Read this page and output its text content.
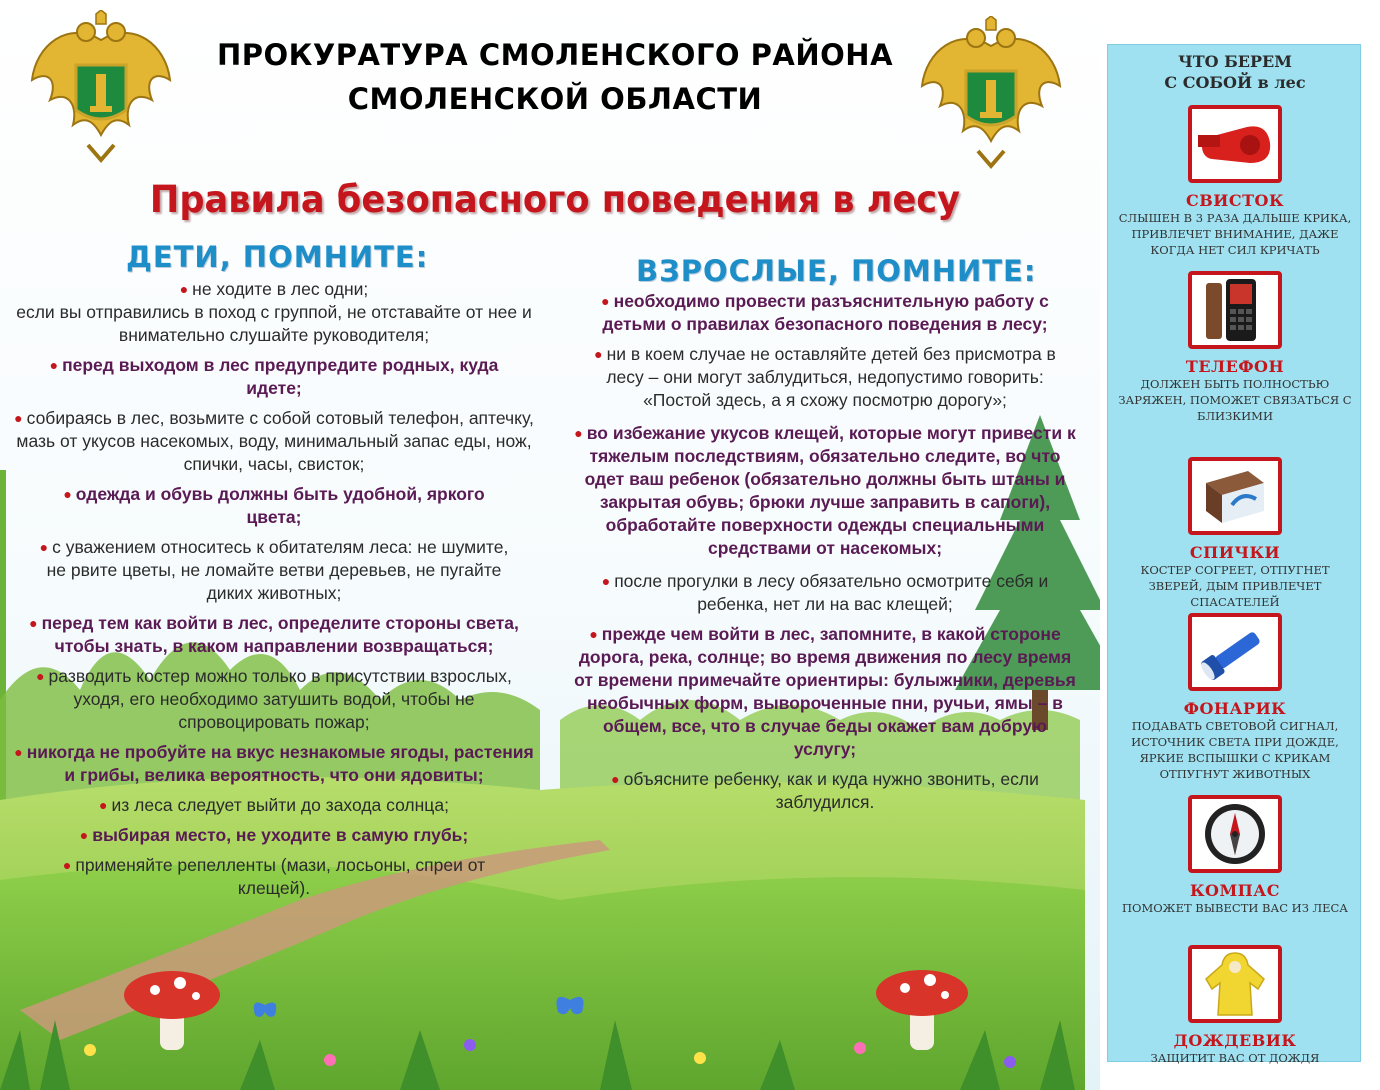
ПРОКУРАТУРА СМОЛЕНСКОГО РАЙОНА
СМОЛЕНСКОЙ ОБЛАСТИ
Правила безопасного поведения в лесу
ДЕТИ, ПОМНИТЕ:	ВЗРОСЛЫЕ, ПОМНИТЕ:
● не ходите в лес одни;
если вы отправились в поход с группой, не отставайте от нее и внимательно слушайте руководителя;
● перед выходом в лес предупредите родных, куда идете;
● собираясь в лес, возьмите с собой сотовый телефон, аптечку, мазь от укусов насекомых, воду, минимальный запас еды, нож, спички, часы, свисток;
● одежда и обувь должны быть удобной, яркого цвета;
● с уважением относитесь к обитателям леса: не шумите, не рвите цветы, не ломайте ветви деревьев, не пугайте диких животных;
● перед тем как войти в лес, определите стороны света, чтобы знать, в каком направлении возвращаться;
● разводить костер можно только в присутствии взрослых, уходя, его необходимо затушить водой, чтобы не спровоцировать пожар;
● никогда не пробуйте на вкус незнакомые ягоды, растения и грибы, велика вероятность, что они ядовиты;
● из леса следует выйти до захода солнца;
● выбирая место, не уходите в самую глубь;
● применяйте репелленты (мази, лосьоны, спреи от клещей).
● необходимо провести разъяснительную работу с детьми о правилах безопасного поведения в лесу;
● ни в коем случае не оставляйте детей без присмотра в лесу – они могут заблудиться, недопустимо говорить: «Постой здесь, а я схожу посмотрю дорогу»;
● во избежание укусов клещей, которые могут привести к тяжелым последствиям, обязательно следите, во что одет ваш ребенок (обязательно должны быть штаны и закрытая обувь; брюки лучше заправить в сапоги), обработайте поверхности одежды специальными средствами от насекомых;
● после прогулки в лесу обязательно осмотрите себя и ребенка, нет ли на вас клещей;
● прежде чем войти в лес, запомните, в какой стороне дорога, река, солнце; во время движения по лесу время от времени примечайте ориентиры: булыжники, деревья необычных форм, вывороченные пни, ручьи, ямы – в общем, все, что в случае беды окажет вам добрую услугу;
● объясните ребенку, как и куда нужно звонить, если заблудился.
ЧТО БЕРЕМ
С СОБОЙ в лес
СВИСТОК
СЛЫШЕН В 3 РАЗА ДАЛЬШЕ КРИКА, ПРИВЛЕЧЕТ ВНИМАНИЕ, ДАЖЕ КОГДА НЕТ СИЛ КРИЧАТЬ
ТЕЛЕФОН
ДОЛЖЕН БЫТЬ ПОЛНОСТЬЮ ЗАРЯЖЕН, ПОМОЖЕТ СВЯЗАТЬСЯ С БЛИЗКИМИ
СПИЧКИ
КОСТЕР СОГРЕЕТ, ОТПУГНЕТ ЗВЕРЕЙ, ДЫМ ПРИВЛЕЧЕТ СПАСАТЕЛЕЙ
ФОНАРИК
ПОДАВАТЬ СВЕТОВОЙ СИГНАЛ, ИСТОЧНИК СВЕТА ПРИ ДОЖДЕ, ЯРКИЕ ВСПЫШКИ С КРИКАМ ОТПУГНУТ ЖИВОТНЫХ
КОМПАС
ПОМОЖЕТ ВЫВЕСТИ ВАС ИЗ ЛЕСА
ДОЖДЕВИК
ЗАЩИТИТ ВАС ОТ ДОЖДЯ
